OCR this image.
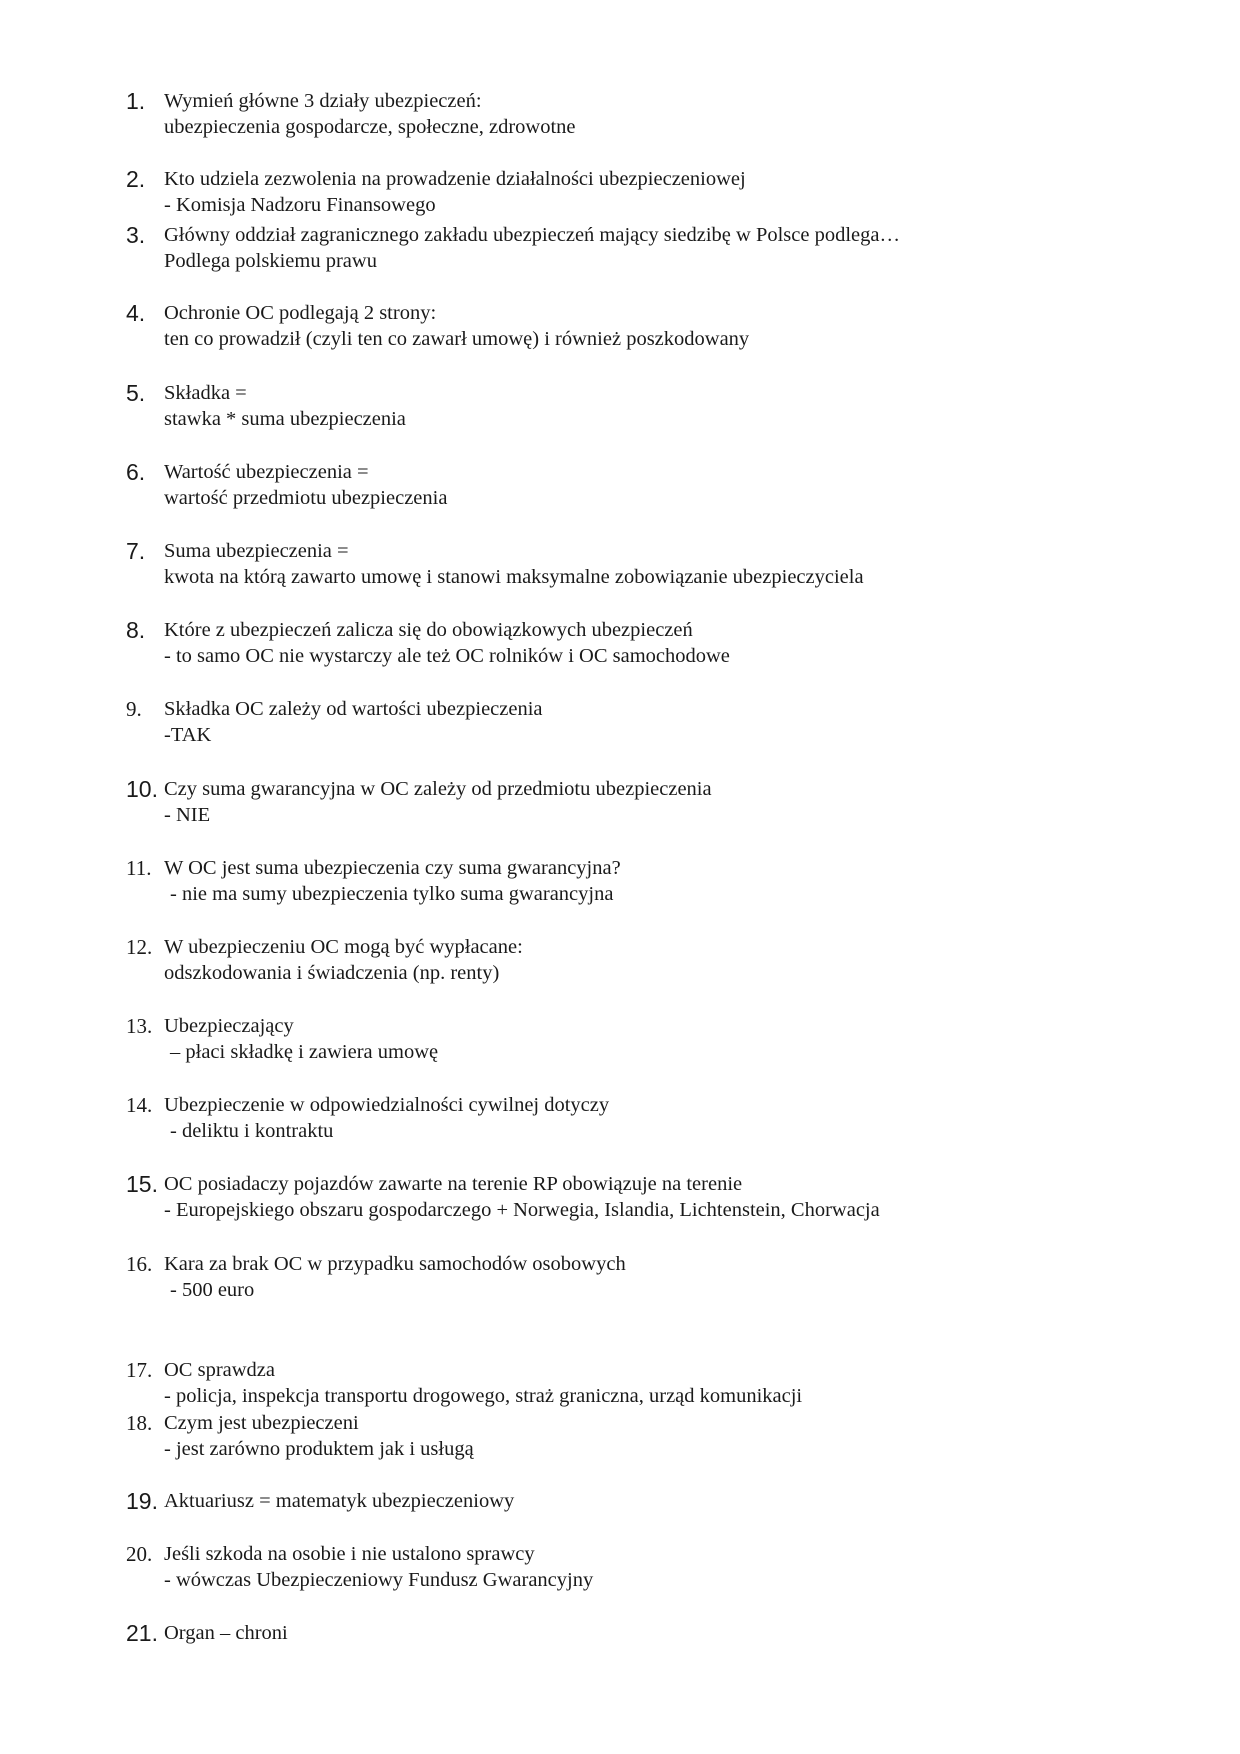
1. Wymień główne 3 działy ubezpieczeń:
ubezpieczenia gospodarcze, społeczne, zdrowotne
2. Kto udziela zezwolenia na prowadzenie działalności ubezpieczeniowej
- Komisja Nadzoru Finansowego
3. Główny oddział zagranicznego zakładu ubezpieczeń mający siedzibę w Polsce podlega…
Podlega polskiemu prawu
4. Ochronie OC podlegają 2 strony:
ten co prowadził (czyli ten co zawarł umowę) i również poszkodowany
5. Składka =
stawka * suma ubezpieczenia
6. Wartość ubezpieczenia =
wartość przedmiotu ubezpieczenia
7. Suma ubezpieczenia =
kwota na którą zawarto umowę i stanowi maksymalne zobowiązanie ubezpieczyciela
8. Które z ubezpieczeń zalicza się do obowiązkowych ubezpieczeń
- to samo OC nie wystarczy ale też OC rolników i OC samochodowe
9. Składka OC zależy od wartości ubezpieczenia
-TAK
10. Czy suma gwarancyjna w OC zależy od przedmiotu ubezpieczenia
- NIE
11. W OC jest suma ubezpieczenia czy suma gwarancyjna?
- nie ma sumy ubezpieczenia tylko suma gwarancyjna
12. W ubezpieczeniu OC mogą być wypłacane:
odszkodowania i świadczenia (np. renty)
13. Ubezpieczający
– płaci składkę i zawiera umowę
14. Ubezpieczenie w odpowiedzialności cywilnej dotyczy
- deliktu i kontraktu
15. OC posiadaczy pojazdów zawarte na terenie RP obowiązuje na terenie
- Europejskiego obszaru gospodarczego + Norwegia, Islandia, Lichtenstein, Chorwacja
16. Kara za brak OC w przypadku samochodów osobowych
- 500 euro
17. OC sprawdza
- policja, inspekcja transportu drogowego, straż graniczna, urząd komunikacji
18. Czym jest ubezpieczeni
- jest zarówno produktem jak i usługą
19. Aktuariusz = matematyk ubezpieczeniowy
20. Jeśli szkoda na osobie i nie ustalono sprawcy
- wówczas Ubezpieczeniowy Fundusz Gwarancyjny
21. Organ – chroni
